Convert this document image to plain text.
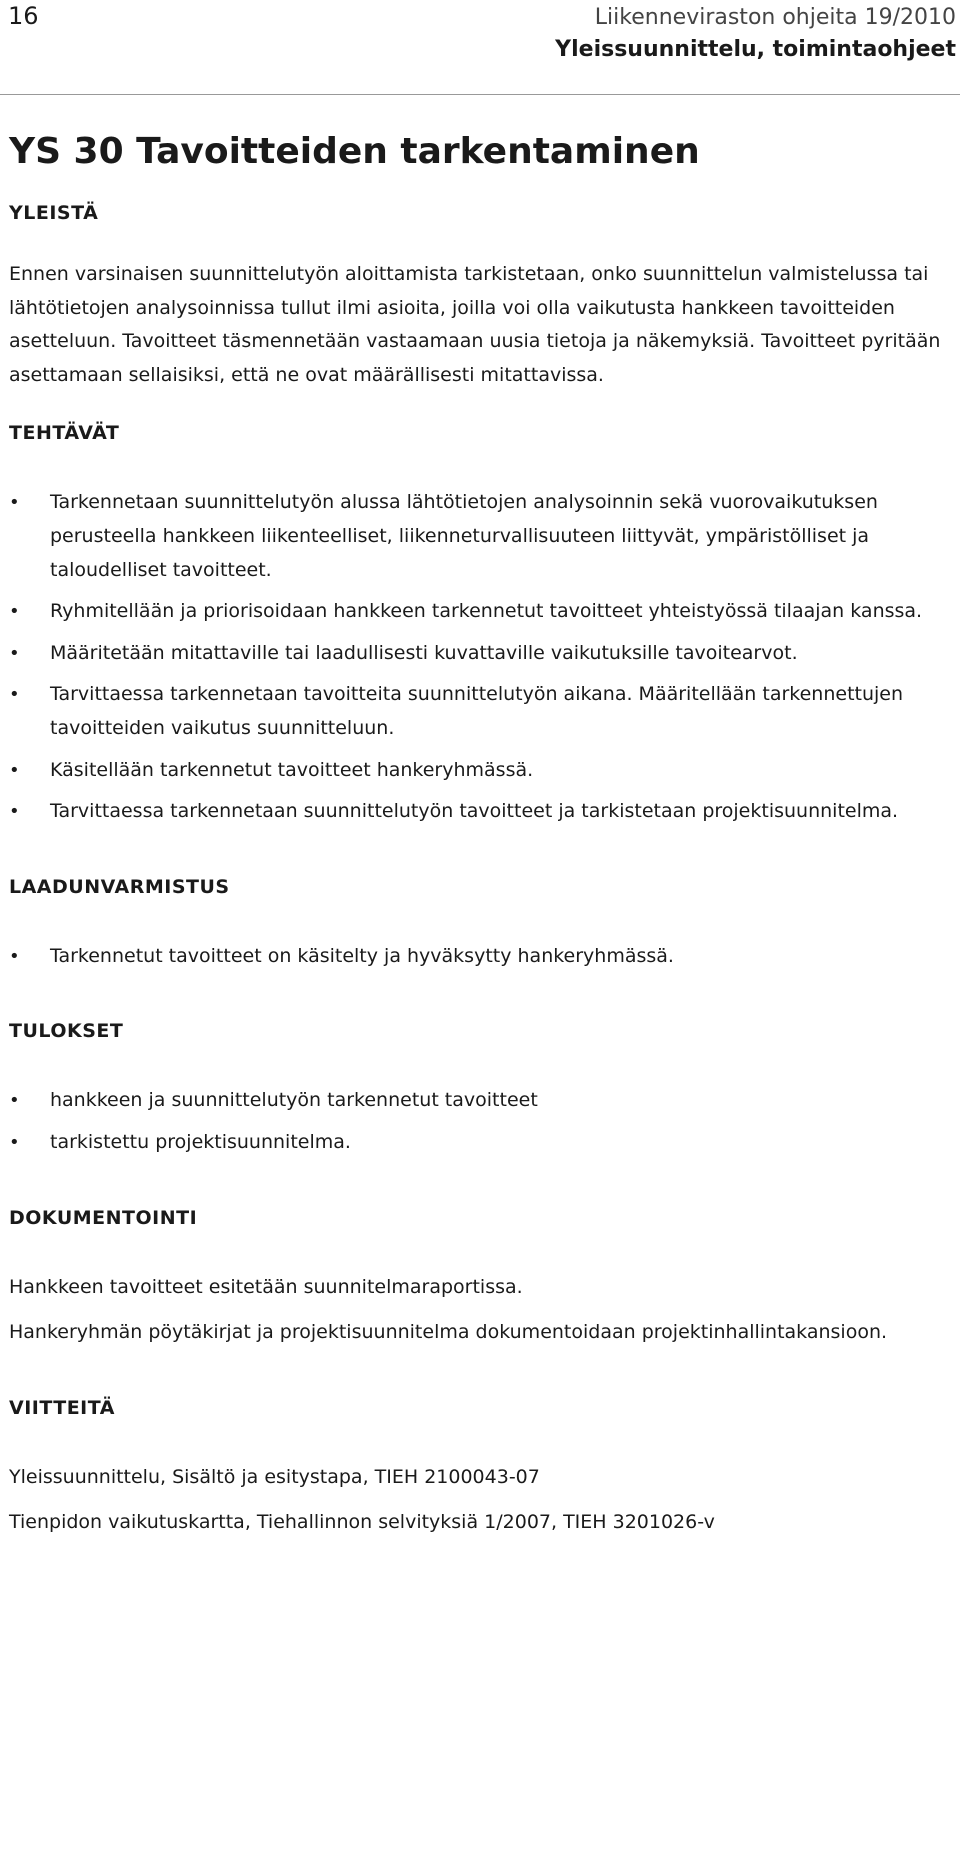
16	Liikenneviraston ohjeita 19/2010
Yleissuunnittelu, toimintaohjeet
YS 30 Tavoitteiden tarkentaminen
YLEISTÄ

Ennen varsinaisen suunnittelutyön aloittamista tarkistetaan, onko suunnittelun valmistelussa tai lähtötietojen analysoinnissa tullut ilmi asioita, joilla voi olla vaikutusta hankkeen tavoitteiden asetteluun. Tavoitteet täsmennetään vastaamaan uusia tietoja ja näkemyksiä. Tavoitteet pyritään asettamaan sellaisiksi, että ne ovat määrällisesti mitattavissa.

TEHTÄVÄT
• Tarkennetaan suunnittelutyön alussa lähtötietojen analysoinnin sekä vuorovaikutuksen perusteella hankkeen liikenteelliset, liikenneturvallisuuteen liittyvät, ympäristölliset ja taloudelliset tavoitteet.
• Ryhmitellään ja priorisoidaan hankkeen tarkennetut tavoitteet yhteistyössä tilaajan kanssa.
• Määritetään mitattaville tai laadullisesti kuvattaville vaikutuksille tavoitearvot.
• Tarvittaessa tarkennetaan tavoitteita suunnittelutyön aikana. Määritellään tarkennettujen tavoitteiden vaikutus suunnitteluun.
• Käsitellään tarkennetut tavoitteet hankeryhmässä.
• Tarvittaessa tarkennetaan suunnittelutyön tavoitteet ja tarkistetaan projektisuunnitelma.
LAADUNVARMISTUS
• Tarkennetut tavoitteet on käsitelty ja hyväksytty hankeryhmässä.
TULOKSET
• hankkeen ja suunnittelutyön tarkennetut tavoitteet
• tarkistettu projektisuunnitelma.
DOKUMENTOINTI

Hankkeen tavoitteet esitetään suunnitelmaraportissa.

Hankeryhmän pöytäkirjat ja projektisuunnitelma dokumentoidaan projektinhallintakansioon.

VIITTEITÄ

Yleissuunnittelu, Sisältö ja esitystapa, TIEH 2100043-07

Tienpidon vaikutuskartta, Tiehallinnon selvityksiä 1/2007, TIEH 3201026-v
